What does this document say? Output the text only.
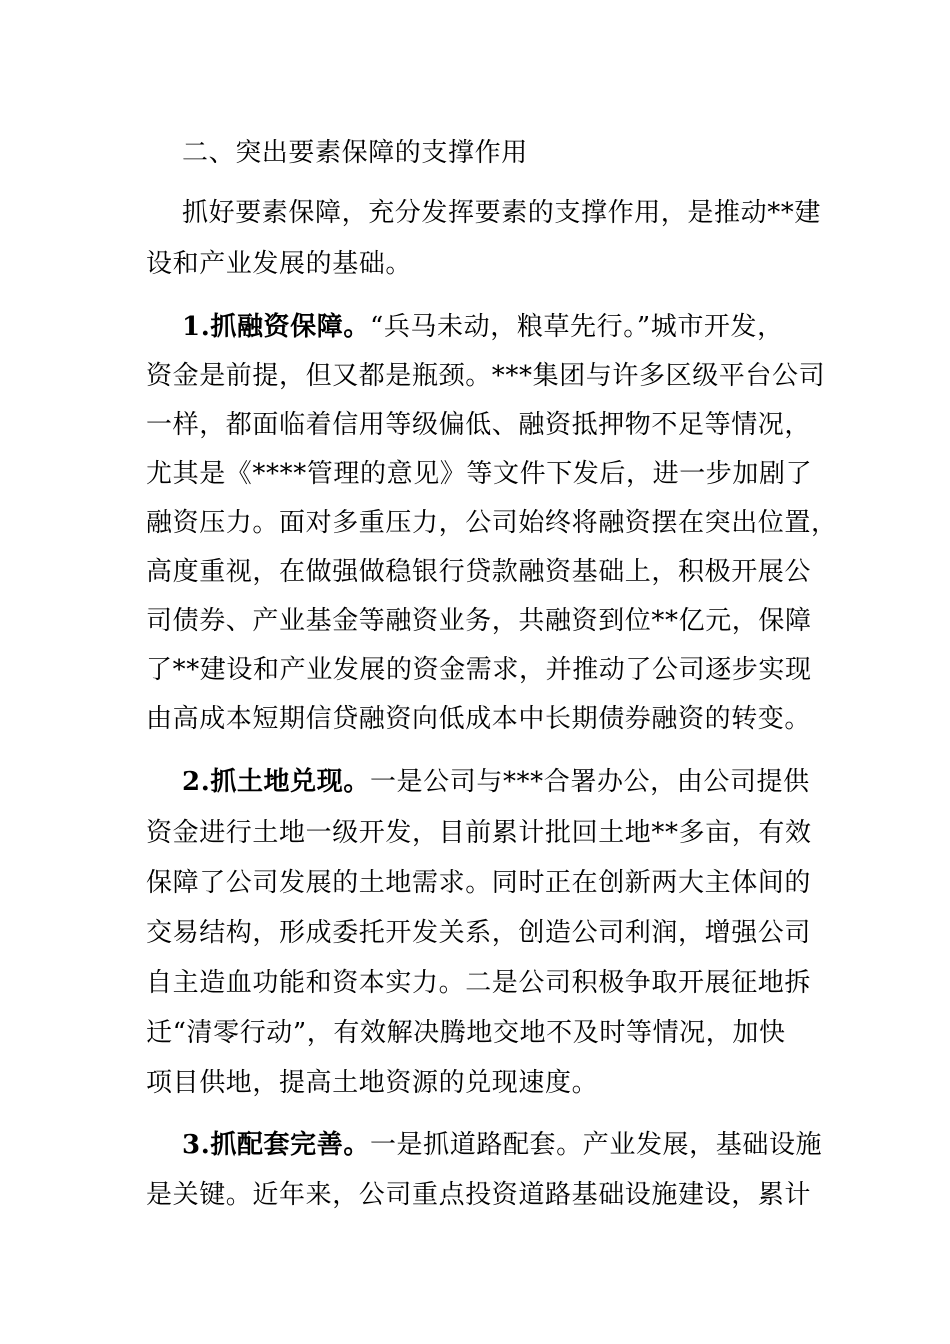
二、突出要素保障的支撑作用
抓好要素保障，充分发挥要素的支撑作用，是推动**建
设和产业发展的基础。
1.抓融资保障。“兵马未动，粮草先行。”城市开发，
资金是前提，但又都是瓶颈。***集团与许多区级平台公司
一样，都面临着信用等级偏低、融资抵押物不足等情况，
尤其是《****管理的意见》等文件下发后，进一步加剧了
融资压力。面对多重压力，公司始终将融资摆在突出位置，
高度重视，在做强做稳银行贷款融资基础上，积极开展公
司债券、产业基金等融资业务，共融资到位**亿元，保障
了**建设和产业发展的资金需求，并推动了公司逐步实现
由高成本短期信贷融资向低成本中长期债券融资的转变。
2.抓土地兑现。一是公司与***合署办公，由公司提供
资金进行土地一级开发，目前累计批回土地**多亩，有效
保障了公司发展的土地需求。同时正在创新两大主体间的
交易结构，形成委托开发关系，创造公司利润，增强公司
自主造血功能和资本实力。二是公司积极争取开展征地拆
迁“清零行动”，有效解决腾地交地不及时等情况，加快
项目供地，提高土地资源的兑现速度。
3.抓配套完善。一是抓道路配套。产业发展，基础设施
是关键。近年来，公司重点投资道路基础设施建设，累计
